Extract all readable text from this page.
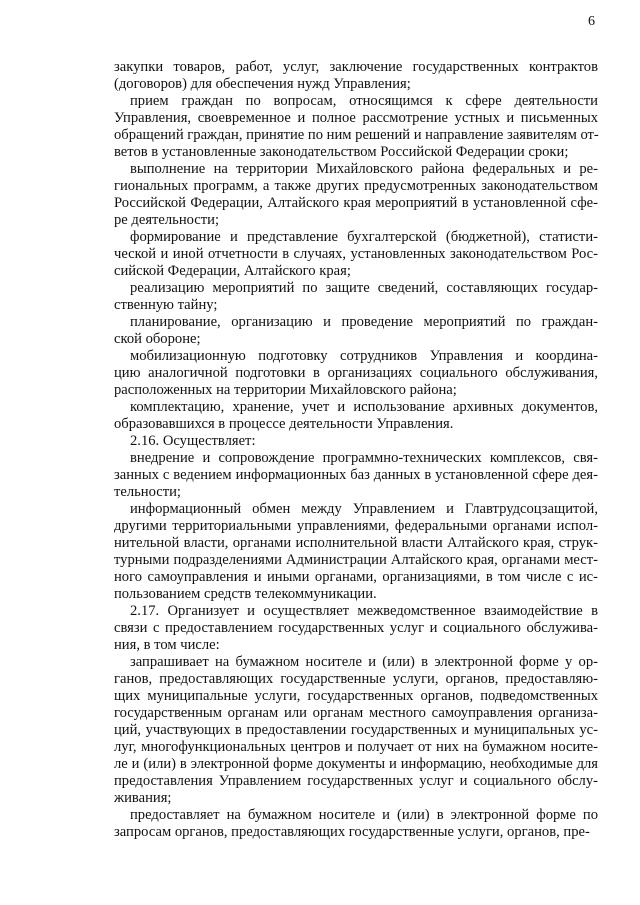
6
закупки товаров, работ, услуг, заключение государственных контрактов
(договоров) для обеспечения нужд Управления;
прием граждан по вопросам, относящимся к сфере деятельности
Управления, своевременное и полное рассмотрение устных и письменных
обращений граждан, принятие по ним решений и направление заявителям от-
ветов в установленные законодательством Российской Федерации сроки;
выполнение на территории Михайловского района федеральных и ре-
гиональных программ, а также других предусмотренных законодательством
Российской Федерации, Алтайского края мероприятий в установленной сфе-
ре деятельности;
формирование и представление бухгалтерской (бюджетной), статисти-
ческой и иной отчетности в случаях, установленных законодательством Рос-
сийской Федерации, Алтайского края;
реализацию мероприятий по защите сведений, составляющих государ-
ственную тайну;
планирование, организацию и проведение мероприятий по граждан-
ской обороне;
мобилизационную подготовку сотрудников Управления и координа-
цию аналогичной подготовки в организациях социального обслуживания,
расположенных на территории Михайловского района;
комплектацию, хранение, учет и использование архивных документов,
образовавшихся в процессе деятельности Управления.
2.16. Осуществляет:
внедрение и сопровождение программно-технических комплексов, свя-
занных с ведением информационных баз данных в установленной сфере дея-
тельности;
информационный обмен между Управлением и Главтрудсоцзащитой,
другими территориальными управлениями, федеральными органами испол-
нительной власти, органами исполнительной власти Алтайского края, струк-
турными подразделениями Администрации Алтайского края, органами мест-
ного самоуправления и иными органами, организациями, в том числе с ис-
пользованием средств телекоммуникации.
2.17. Организует и осуществляет межведомственное взаимодействие в
связи с предоставлением государственных услуг и социального обслужива-
ния, в том числе:
запрашивает на бумажном носителе и (или) в электронной форме у ор-
ганов, предоставляющих государственные услуги, органов, предоставляю-
щих муниципальные услуги, государственных органов, подведомственных
государственным органам или органам местного самоуправления организа-
ций, участвующих в предоставлении государственных и муниципальных ус-
луг, многофункциональных центров и получает от них на бумажном носите-
ле и (или) в электронной форме документы и информацию, необходимые для
предоставления Управлением государственных услуг и социального обслу-
живания;
предоставляет на бумажном носителе и (или) в электронной форме по
запросам органов, предоставляющих государственные услуги, органов, пре-
